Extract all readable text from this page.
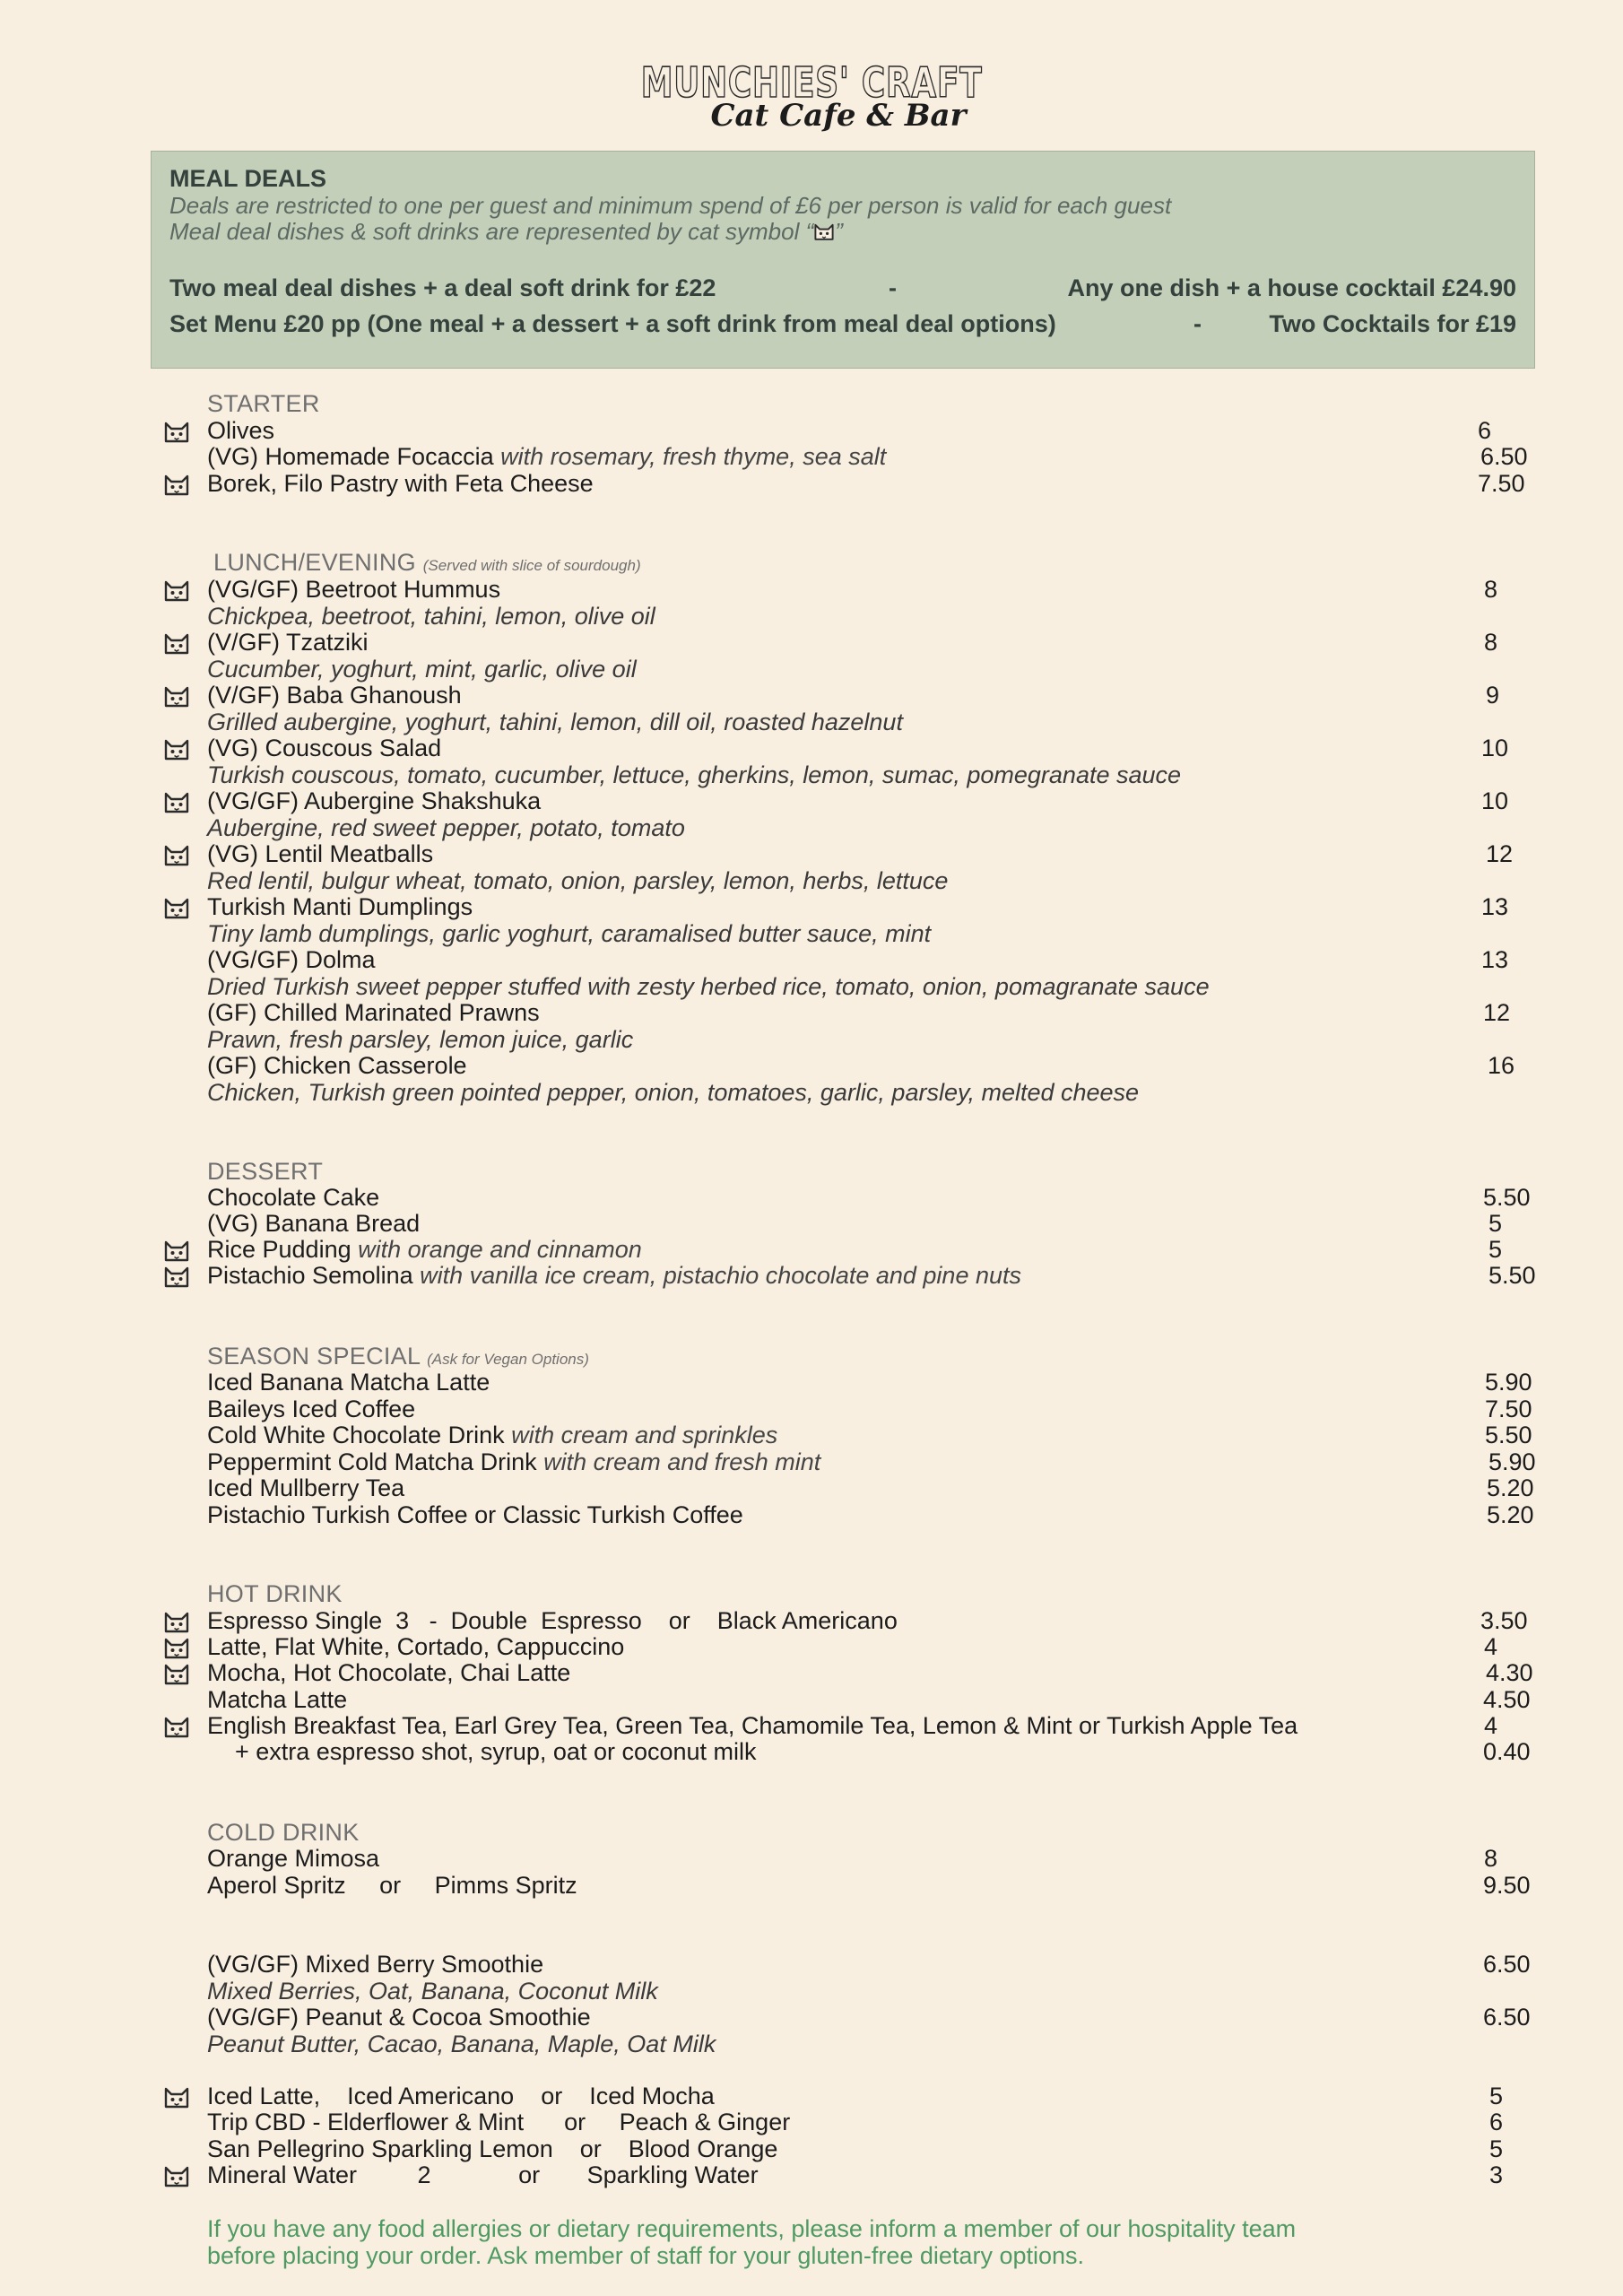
MUNCHIES' CRAFT
Cat Cafe & Bar
MEAL DEALS
Deals are restricted to one per guest and minimum spend of £6 per person is valid for each guest
Meal deal dishes & soft drinks are represented by cat symbol “ ”
Two meal deal dishes + a deal soft drink for £22	-	Any one dish + a house cocktail £24.90
Set Menu £20 pp (One meal + a dessert + a soft drink from meal deal options)	-	Two Cocktails for £19
STARTER
Olives	6
(VG) Homemade Focaccia with rosemary, fresh thyme, sea salt	6.50
Borek, Filo Pastry with Feta Cheese	7.50
LUNCH/EVENING (Served with slice of sourdough)
(VG/GF) Beetroot Hummus	8
Chickpea, beetroot, tahini, lemon, olive oil
(V/GF) Tzatziki	8
Cucumber, yoghurt, mint, garlic, olive oil
(V/GF) Baba Ghanoush	9
Grilled aubergine, yoghurt, tahini, lemon, dill oil, roasted hazelnut
(VG) Couscous Salad	10
Turkish couscous, tomato, cucumber, lettuce, gherkins, lemon, sumac, pomegranate sauce
(VG/GF) Aubergine Shakshuka	10
Aubergine, red sweet pepper, potato, tomato
(VG) Lentil Meatballs	12
Red lentil, bulgur wheat, tomato, onion, parsley, lemon, herbs, lettuce
Turkish Manti Dumplings	13
Tiny lamb dumplings, garlic yoghurt, caramalised butter sauce, mint
(VG/GF) Dolma	13
Dried Turkish sweet pepper stuffed with zesty herbed rice, tomato, onion, pomagranate sauce
(GF) Chilled Marinated Prawns	12
Prawn, fresh parsley, lemon juice, garlic
(GF) Chicken Casserole	16
Chicken, Turkish green pointed pepper, onion, tomatoes, garlic, parsley, melted cheese
DESSERT
Chocolate Cake	5.50
(VG) Banana Bread	5
Rice Pudding with orange and cinnamon	5
Pistachio Semolina with vanilla ice cream, pistachio chocolate and pine nuts	5.50
SEASON SPECIAL (Ask for Vegan Options)
Iced Banana Matcha Latte	5.90
Baileys Iced Coffee	7.50
Cold White Chocolate Drink with cream and sprinkles	5.50
Peppermint Cold Matcha Drink with cream and fresh mint	5.90
Iced Mullberry Tea	5.20
Pistachio Turkish Coffee or Classic Turkish Coffee	5.20
HOT DRINK
Espresso Single  3   -  Double  Espresso    or    Black Americano	3.50
Latte, Flat White, Cortado, Cappuccino	4
Mocha, Hot Chocolate, Chai Latte	4.30
Matcha Latte	4.50
English Breakfast Tea, Earl Grey Tea, Green Tea, Chamomile Tea, Lemon & Mint or Turkish Apple Tea	4
+ extra espresso shot, syrup, oat or coconut milk	0.40
COLD DRINK
Orange Mimosa	8
Aperol Spritz     or     Pimms Spritz	9.50
(VG/GF) Mixed Berry Smoothie	6.50
Mixed Berries, Oat, Banana, Coconut Milk
(VG/GF) Peanut & Cocoa Smoothie	6.50
Peanut Butter, Cacao, Banana, Maple, Oat Milk
Iced Latte,    Iced Americano    or    Iced Mocha	5
Trip CBD - Elderflower & Mint      or     Peach & Ginger	6
San Pellegrino Sparkling Lemon    or    Blood Orange	5
Mineral Water         2             or       Sparkling Water	3
If you have any food allergies or dietary requirements, please inform a member of our hospitality team
before placing your order. Ask member of staff for your gluten-free dietary options.
